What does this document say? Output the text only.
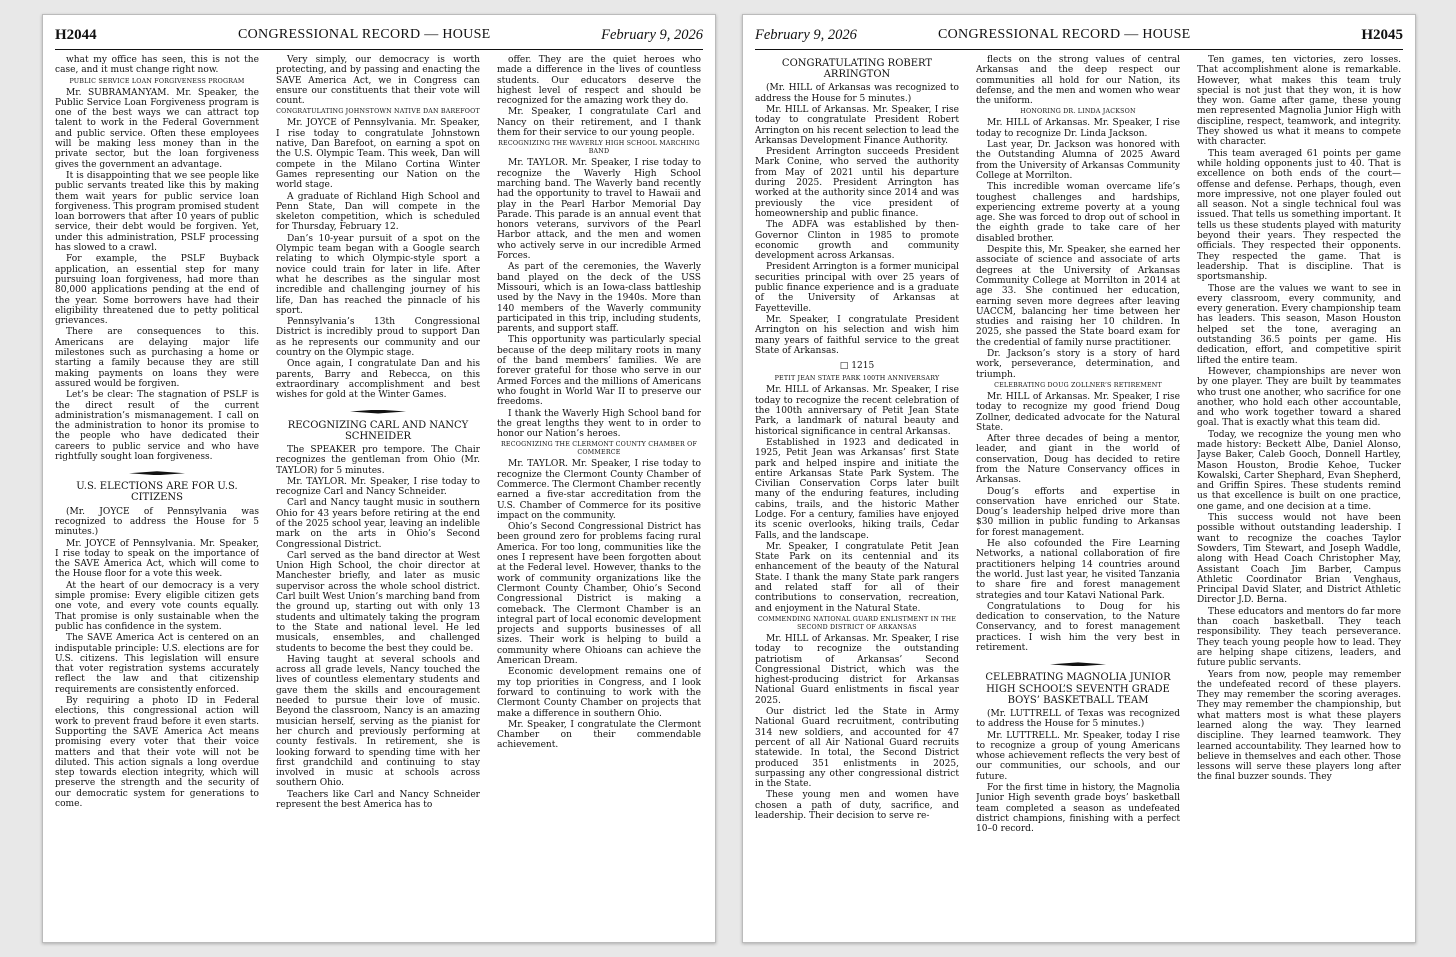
H2044	CONGRESSIONAL RECORD — HOUSE	February 9, 2026

what my office has seen, this is not the case, and it must change right now.

PUBLIC SERVICE LOAN FORGIVENESS PROGRAM

Mr. SUBRAMANYAM. Mr. Speaker, the Public Service Loan Forgiveness program is one of the best ways we can attract top talent to work in the Federal Government and public service. Often these employees will be making less money than in the private sector, but the loan forgiveness gives the government an advantage.

It is disappointing that we see people like public servants treated like this by making them wait years for public service loan forgiveness. This program promised student loan borrowers that after 10 years of public service, their debt would be forgiven. Yet, under this administration, PSLF processing has slowed to a crawl.

For example, the PSLF Buyback application, an essential step for many pursuing loan forgiveness, had more than 80,000 applications pending at the end of the year. Some borrowers have had their eligibility threatened due to petty political grievances.

There are consequences to this. Americans are delaying major life milestones such as purchasing a home or starting a family because they are still making payments on loans they were assured would be forgiven.

Let’s be clear: The stagnation of PSLF is the direct result of the current administration’s mismanagement. I call on the administration to honor its promise to the people who have dedicated their careers to public service and who have rightfully sought loan forgiveness.

U.S. ELECTIONS ARE FOR U.S. CITIZENS

(Mr. JOYCE of Pennsylvania was recognized to address the House for 5 minutes.)

Mr. JOYCE of Pennsylvania. Mr. Speaker, I rise today to speak on the importance of the SAVE America Act, which will come to the House floor for a vote this week.

At the heart of our democracy is a very simple promise: Every eligible citizen gets one vote, and every vote counts equally. That promise is only sustainable when the public has confidence in the system.

The SAVE America Act is centered on an indisputable principle: U.S. elections are for U.S. citizens. This legislation will ensure that voter registration systems accurately reflect the law and that citizenship requirements are consistently enforced.

By requiring a photo ID in Federal elections, this congressional action will work to prevent fraud before it even starts. Supporting the SAVE America Act means promising every voter that their voice matters and that their vote will not be diluted. This action signals a long overdue step towards election integrity, which will preserve the strength and the security of our democratic system for generations to come.

Very simply, our democracy is worth protecting, and by passing and enacting the SAVE America Act, we in Congress can ensure our constituents that their vote will count.

CONGRATULATING JOHNSTOWN NATIVE DAN BAREFOOT

Mr. JOYCE of Pennsylvania. Mr. Speaker, I rise today to congratulate Johnstown native, Dan Barefoot, on earning a spot on the U.S. Olympic Team. This week, Dan will compete in the Milano Cortina Winter Games representing our Nation on the world stage.

A graduate of Richland High School and Penn State, Dan will compete in the skeleton competition, which is scheduled for Thursday, February 12.

Dan’s 10-year pursuit of a spot on the Olympic team began with a Google search relating to which Olympic-style sport a novice could train for later in life. After what he describes as the singular most incredible and challenging journey of his life, Dan has reached the pinnacle of his sport.

Pennsylvania’s 13th Congressional District is incredibly proud to support Dan as he represents our community and our country on the Olympic stage.

Once again, I congratulate Dan and his parents, Barry and Rebecca, on this extraordinary accomplishment and best wishes for gold at the Winter Games.

RECOGNIZING CARL AND NANCY SCHNEIDER

The SPEAKER pro tempore. The Chair recognizes the gentleman from Ohio (Mr. TAYLOR) for 5 minutes.

Mr. TAYLOR. Mr. Speaker, I rise today to recognize Carl and Nancy Schneider.

Carl and Nancy taught music in southern Ohio for 43 years before retiring at the end of the 2025 school year, leaving an indelible mark on the arts in Ohio’s Second Congressional District.

Carl served as the band director at West Union High School, the choir director at Manchester briefly, and later as music supervisor across the whole school district. Carl built West Union’s marching band from the ground up, starting out with only 13 students and ultimately taking the program to the State and national level. He led musicals, ensembles, and challenged students to become the best they could be.

Having taught at several schools and across all grade levels, Nancy touched the lives of countless elementary students and gave them the skills and encouragement needed to pursue their love of music. Beyond the classroom, Nancy is an amazing musician herself, serving as the pianist for her church and previously performing at county festivals. In retirement, she is looking forward to spending time with her first grandchild and continuing to stay involved in music at schools across southern Ohio.

Teachers like Carl and Nancy Schneider represent the best America has to

offer. They are the quiet heroes who made a difference in the lives of countless students. Our educators deserve the highest level of respect and should be recognized for the amazing work they do.

Mr. Speaker, I congratulate Carl and Nancy on their retirement, and I thank them for their service to our young people.

RECOGNIZING THE WAVERLY HIGH SCHOOL MARCHING BAND

Mr. TAYLOR. Mr. Speaker, I rise today to recognize the Waverly High School marching band. The Waverly band recently had the opportunity to travel to Hawaii and play in the Pearl Harbor Memorial Day Parade. This parade is an annual event that honors veterans, survivors of the Pearl Harbor attack, and the men and women who actively serve in our incredible Armed Forces.

As part of the ceremonies, the Waverly band played on the deck of the USS Missouri, which is an Iowa-class battleship used by the Navy in the 1940s. More than 140 members of the Waverly community participated in this trip, including students, parents, and support staff.

This opportunity was particularly special because of the deep military roots in many of the band members’ families. We are forever grateful for those who serve in our Armed Forces and the millions of Americans who fought in World War II to preserve our freedoms.

I thank the Waverly High School band for the great lengths they went to in order to honor our Nation’s heroes.

RECOGNIZING THE CLERMONT COUNTY CHAMBER OF COMMERCE

Mr. TAYLOR. Mr. Speaker, I rise today to recognize the Clermont County Chamber of Commerce. The Clermont Chamber recently earned a five-star accreditation from the U.S. Chamber of Commerce for its positive impact on the community.

Ohio’s Second Congressional District has been ground zero for problems facing rural America. For too long, communities like the ones I represent have been forgotten about at the Federal level. However, thanks to the work of community organizations like the Clermont County Chamber, Ohio’s Second Congressional District is making a comeback. The Clermont Chamber is an integral part of local economic development projects and supports businesses of all sizes. Their work is helping to build a community where Ohioans can achieve the American Dream.

Economic development remains one of my top priorities in Congress, and I look forward to continuing to work with the Clermont County Chamber on projects that make a difference in southern Ohio.

Mr. Speaker, I congratulate the Clermont Chamber on their commendable achievement.

February 9, 2026	CONGRESSIONAL RECORD — HOUSE	H2045

CONGRATULATING ROBERT ARRINGTON

(Mr. HILL of Arkansas was recognized to address the House for 5 minutes.)

Mr. HILL of Arkansas. Mr. Speaker, I rise today to congratulate President Robert Arrington on his recent selection to lead the Arkansas Development Finance Authority.

President Arrington succeeds President Mark Conine, who served the authority from May of 2021 until his departure during 2025. President Arrington has worked at the authority since 2014 and was previously the vice president of homeownership and public finance.

The ADFA was established by then-Governor Clinton in 1985 to promote economic growth and community development across Arkansas.

President Arrington is a former municipal securities principal with over 25 years of public finance experience and is a graduate of the University of Arkansas at Fayetteville.

Mr. Speaker, I congratulate President Arrington on his selection and wish him many years of faithful service to the great State of Arkansas.

□ 1215

PETIT JEAN STATE PARK 100TH ANNIVERSARY

Mr. HILL of Arkansas. Mr. Speaker, I rise today to recognize the recent celebration of the 100th anniversary of Petit Jean State Park, a landmark of natural beauty and historical significance in central Arkansas.

Established in 1923 and dedicated in 1925, Petit Jean was Arkansas’ first State park and helped inspire and initiate the entire Arkansas State Park System. The Civilian Conservation Corps later built many of the enduring features, including cabins, trails, and the historic Mather Lodge. For a century, families have enjoyed its scenic overlooks, hiking trails, Cedar Falls, and the landscape.

Mr. Speaker, I congratulate Petit Jean State Park on its centennial and its enhancement of the beauty of the Natural State. I thank the many State park rangers and related staff for all of their contributions to conservation, recreation, and enjoyment in the Natural State.

COMMENDING NATIONAL GUARD ENLISTMENT IN THE SECOND DISTRICT OF ARKANSAS

Mr. HILL of Arkansas. Mr. Speaker, I rise today to recognize the outstanding patriotism of Arkansas’ Second Congressional District, which was the highest-producing district for Arkansas National Guard enlistments in fiscal year 2025.

Our district led the State in Army National Guard recruitment, contributing 314 new soldiers, and accounted for 47 percent of all Air National Guard recruits statewide. In total, the Second District produced 351 enlistments in 2025, surpassing any other congressional district in the State.

These young men and women have chosen a path of duty, sacrifice, and leadership. Their decision to serve re-

flects on the strong values of central Arkansas and the deep respect our communities all hold for our Nation, its defense, and the men and women who wear the uniform.

HONORING DR. LINDA JACKSON

Mr. HILL of Arkansas. Mr. Speaker, I rise today to recognize Dr. Linda Jackson.

Last year, Dr. Jackson was honored with the Outstanding Alumna of 2025 Award from the University of Arkansas Community College at Morrilton.

This incredible woman overcame life’s toughest challenges and hardships, experiencing extreme poverty at a young age. She was forced to drop out of school in the eighth grade to take care of her disabled brother.

Despite this, Mr. Speaker, she earned her associate of science and associate of arts degrees at the University of Arkansas Community College at Morrilton in 2014 at age 33. She continued her education, earning seven more degrees after leaving UACCM, balancing her time between her studies and raising her 10 children. In 2025, she passed the State board exam for the credential of family nurse practitioner.

Dr. Jackson’s story is a story of hard work, perseverance, determination, and triumph.

CELEBRATING DOUG ZOLLNER’S RETIREMENT

Mr. HILL of Arkansas. Mr. Speaker, I rise today to recognize my good friend Doug Zollner, dedicated advocate for the Natural State.

After three decades of being a mentor, leader, and giant in the world of conservation, Doug has decided to retire from the Nature Conservancy offices in Arkansas.

Doug’s efforts and expertise in conservation have enriched our State. Doug’s leadership helped drive more than $30 million in public funding to Arkansas for forest management.

He also cofounded the Fire Learning Networks, a national collaboration of fire practitioners helping 14 countries around the world. Just last year, he visited Tanzania to share fire and forest management strategies and tour Katavi National Park.

Congratulations to Doug for his dedication to conservation, to the Nature Conservancy, and to forest management practices. I wish him the very best in retirement.

CELEBRATING MAGNOLIA JUNIOR HIGH SCHOOL’S SEVENTH GRADE BOYS’ BASKETBALL TEAM

(Mr. LUTTRELL of Texas was recognized to address the House for 5 minutes.)

Mr. LUTTRELL. Mr. Speaker, today I rise to recognize a group of young Americans whose achievement reflects the very best of our communities, our schools, and our future.

For the first time in history, the Magnolia Junior High seventh grade boys’ basketball team completed a season as undefeated district champions, finishing with a perfect 10–0 record.

Ten games, ten victories, zero losses. That accomplishment alone is remarkable. However, what makes this team truly special is not just that they won, it is how they won. Game after game, these young men represented Magnolia Junior High with discipline, respect, teamwork, and integrity. They showed us what it means to compete with character.

This team averaged 61 points per game while holding opponents just to 40. That is excellence on both ends of the court—offense and defense. Perhaps, though, even more impressive, not one player fouled out all season. Not a single technical foul was issued. That tells us something important. It tells us these students played with maturity beyond their years. They respected the officials. They respected their opponents. They respected the game. That is leadership. That is discipline. That is sportsmanship.

Those are the values we want to see in every classroom, every community, and every generation. Every championship team has leaders. This season, Mason Houston helped set the tone, averaging an outstanding 36.5 points per game. His dedication, effort, and competitive spirit lifted the entire team.

However, championships are never won by one player. They are built by teammates who trust one another, who sacrifice for one another, who hold each other accountable, and who work together toward a shared goal. That is exactly what this team did.

Today, we recognize the young men who made history: Beckett Albe, Daniel Alonso, Jayse Baker, Caleb Gooch, Donnell Hartley, Mason Houston, Brodie Kehoe, Tucker Kowalski, Carter Shephard, Evan Shepherd, and Griffin Spires. These students remind us that excellence is built on one practice, one game, and one decision at a time.

This success would not have been possible without outstanding leadership. I want to recognize the coaches Taylor Sowders, Tim Stewart, and Joseph Waddle, along with Head Coach Christopher May, Assistant Coach Jim Barber, Campus Athletic Coordinator Brian Venghaus, Principal David Slater, and District Athletic Director J.D. Berna.

These educators and mentors do far more than coach basketball. They teach responsibility. They teach perseverance. They teach young people how to lead. They are helping shape citizens, leaders, and future public servants.

Years from now, people may remember the undefeated record of these players. They may remember the scoring averages. They may remember the championship, but what matters most is what these players learned along the way. They learned discipline. They learned teamwork. They learned accountability. They learned how to believe in themselves and each other. Those lessons will serve these players long after the final buzzer sounds. They
